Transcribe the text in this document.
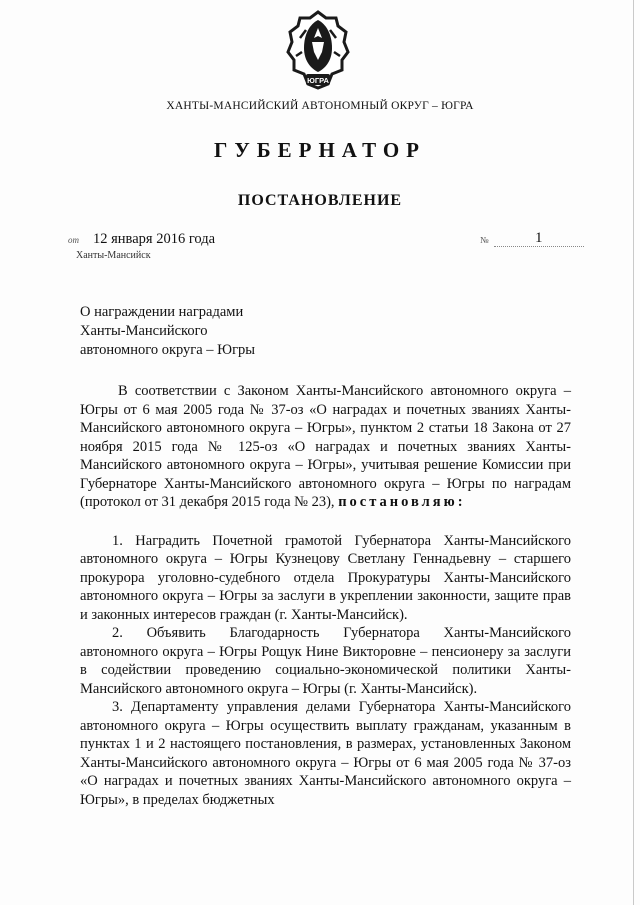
ЮГРА
ХАНТЫ-МАНСИЙСКИЙ АВТОНОМНЫЙ ОКРУГ – ЮГРА
ГУБЕРНАТОР
ПОСТАНОВЛЕНИЕ
от 12 января 2016 года
Ханты-Мансийск
№	1
О награждении наградами
Ханты-Мансийского
автономного округа – Югры

В соответствии с Законом Ханты-Мансийского автономного округа – Югры от 6 мая 2005 года № 37-оз «О наградах и почетных званиях Ханты-Мансийского автономного округа – Югры», пунктом 2 статьи 18 Закона от 27 ноября 2015 года № 125-оз «О наградах и почетных званиях Ханты-Мансийского автономного округа – Югры», учитывая решение Комиссии при Губернаторе Ханты-Мансийского автономного округа – Югры по наградам (протокол от 31 декабря 2015 года № 23), постановляю:

1. Наградить Почетной грамотой Губернатора Ханты-Мансийского автономного округа – Югры Кузнецову Светлану Геннадьевну – старшего прокурора уголовно-судебного отдела Прокуратуры Ханты-Мансийского автономного округа – Югры за заслуги в укреплении законности, защите прав и законных интересов граждан (г. Ханты-Мансийск).

2. Объявить Благодарность Губернатора Ханты-Мансийского автономного округа – Югры Рощук Нине Викторовне – пенсионеру за заслуги в содействии проведению социально-экономической политики Ханты-Мансийского автономного округа – Югры (г. Ханты-Мансийск).

3. Департаменту управления делами Губернатора Ханты-Мансийского автономного округа – Югры осуществить выплату гражданам, указанным в пунктах 1 и 2 настоящего постановления, в размерах, установленных Законом Ханты-Мансийского автономного округа – Югры от 6 мая 2005 года № 37-оз «О наградах и почетных званиях Ханты-Мансийского автономного округа – Югры», в пределах бюджетных
